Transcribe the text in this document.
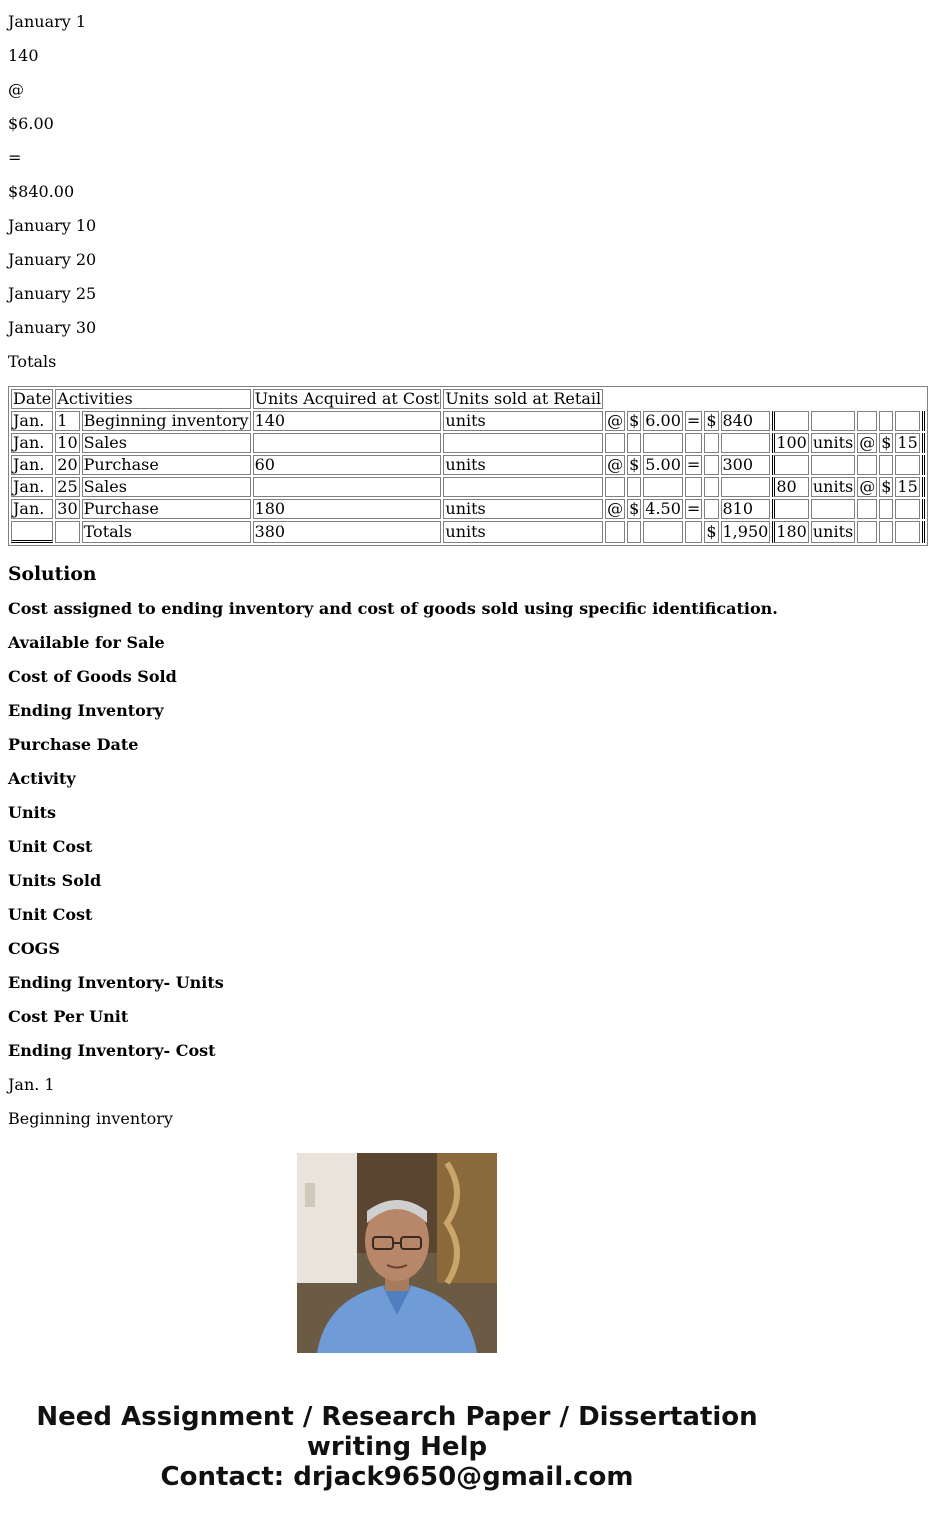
January 1

140

@

$6.00

=

$840.00

January 10

January 20

January 25

January 30

Totals

Date	Activities		Units Acquired at Cost	Units sold at Retail												
Jan.	1	Beginning inventory	140	units	@	$	6.00	=	$	840						
Jan.	10	Sales									100	units	@	$	15	
Jan.	20	Purchase	60	units	@	$	5.00	=		300						
Jan.	25	Sales									80	units	@	$	15	
Jan.	30	Purchase	180	units	@	$	4.50	=		810						
		Totals	380	units					$	1,950	180	units				
Solution

Cost assigned to ending inventory and cost of goods sold using specific identification.

Available for Sale

Cost of Goods Sold

Ending Inventory

Purchase Date

Activity

Units

Unit Cost

Units Sold

Unit Cost

COGS

Ending Inventory- Units

Cost Per Unit

Ending Inventory- Cost

Jan. 1

Beginning inventory

Need Assignment / Research Paper / Dissertation
writing Help
Contact: drjack9650@gmail.com
